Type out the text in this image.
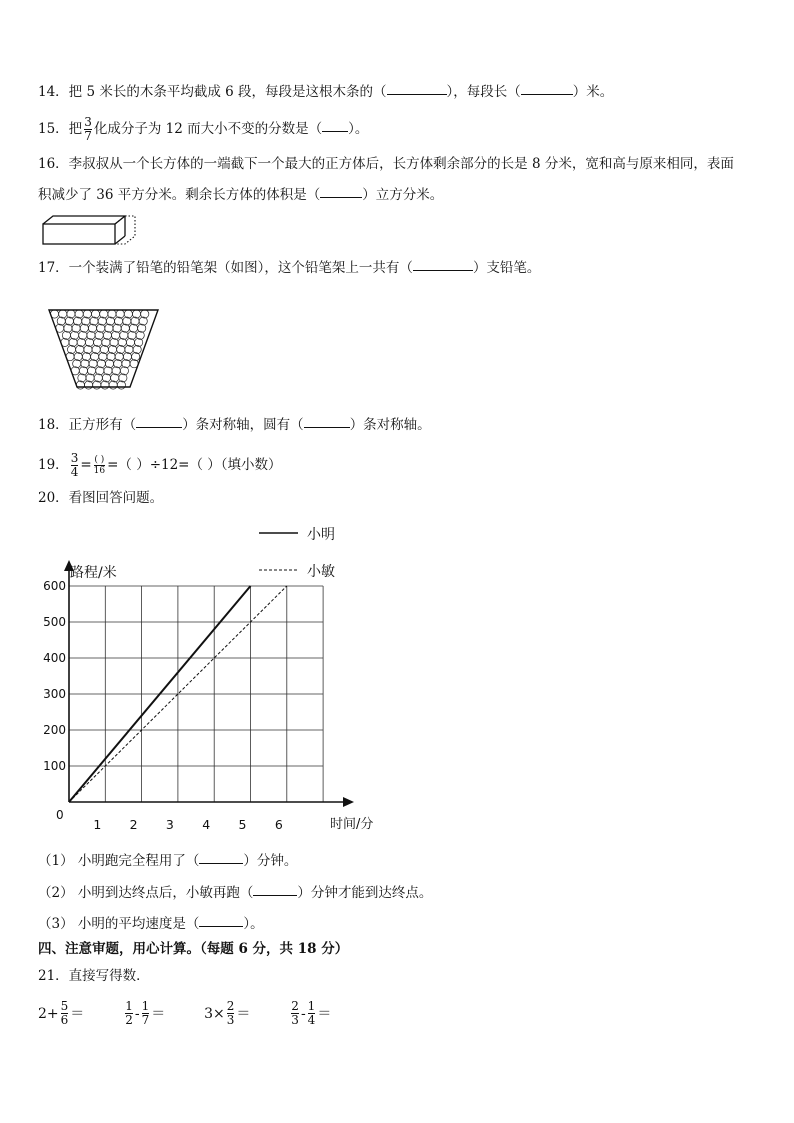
14．把 5 米长的木条平均截成 6 段，每段是这根木条的（	），每段长（	）米。
15．把 $\frac{3}{7}$ 化成分子为 12 而大小不变的分数是（ ）。
16．李叔叔从一个长方体的一端截下一个最大的正方体后，长方体剩余部分的长是 8 分米，宽和高与原来相同，表面
积减少了 36 平方分米。剩余长方体的体积是（	）立方分米。
17．一个装满了铅笔的铅笔架（如图），这个铅笔架上一共有（	）支铅笔。
18．正方形有（	）条对称轴，圆有（	）条对称轴。
19． $\frac{3}{4} = \frac{( )}{16}$ =（ ）÷12=（ ）（填小数）
20．看图回答问题。
1 2 3 4 5 6
100
200
300
400
500
600
小明
小敏
路程/米
时间/分
0
（1） 小明跑完全程用了（	）分钟。
（2） 小明到达终点后，小敏再跑（	）分钟才能到达终点。
（3） 小明的平均速度是（	）。
四、注意审题，用心计算。（每题 6 分，共 18 分）
21．直接写得数．
$2+ \frac{5}{6}$ ＝	$\frac{1}{2} - \frac{1}{7}$ ＝	$3\times \frac{2}{3}$ ＝	$\frac{2}{3} - \frac{1}{4}$ ＝
